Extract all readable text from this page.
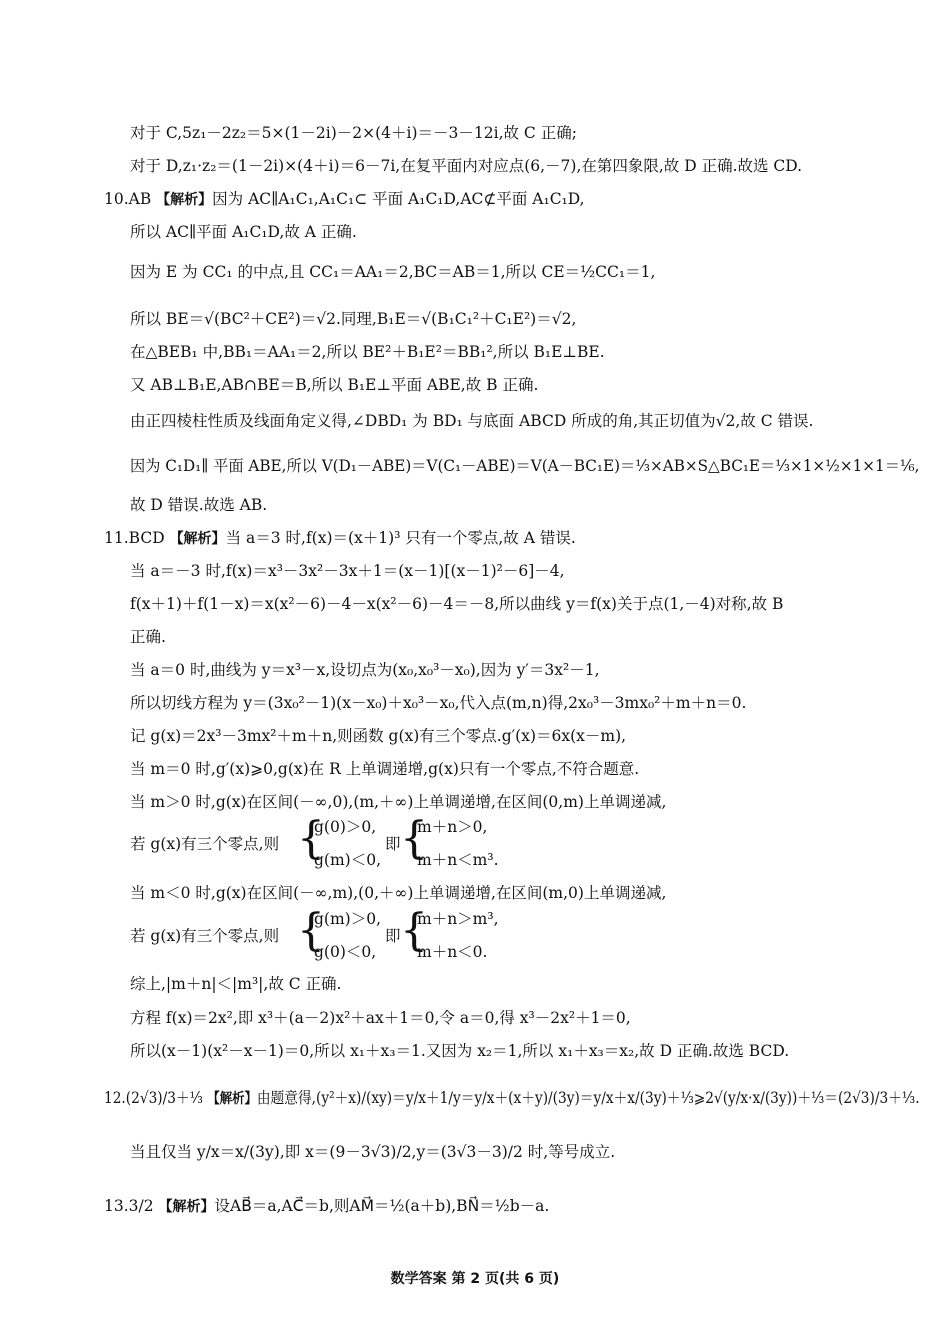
对于 C,5z₁－2z₂＝5×(1－2i)－2×(4＋i)＝－3－12i,故 C 正确;
对于 D,z₁·z₂＝(1－2i)×(4＋i)＝6－7i,在复平面内对应点(6,－7),在第四象限,故 D 正确.故选 CD.
10.AB 【解析】因为 AC∥A₁C₁,A₁C₁⊂ 平面 A₁C₁D,AC⊄平面 A₁C₁D,
所以 AC∥平面 A₁C₁D,故 A 正确.
因为 E 为 CC₁ 的中点,且 CC₁＝AA₁＝2,BC＝AB＝1,所以 CE＝½CC₁＝1,
所以 BE＝√(BC²＋CE²)＝√2.同理,B₁E＝√(B₁C₁²＋C₁E²)＝√2,
在△BEB₁ 中,BB₁＝AA₁＝2,所以 BE²＋B₁E²＝BB₁²,所以 B₁E⊥BE.
又 AB⊥B₁E,AB∩BE＝B,所以 B₁E⊥平面 ABE,故 B 正确.
由正四棱柱性质及线面角定义得,∠DBD₁ 为 BD₁ 与底面 ABCD 所成的角,其正切值为√2,故 C 错误.
因为 C₁D₁∥ 平面 ABE,所以 V(D₁－ABE)＝V(C₁－ABE)＝V(A－BC₁E)＝⅓×AB×S△BC₁E＝⅓×1×½×1×1＝⅙,
故 D 错误.故选 AB.
11.BCD 【解析】当 a＝3 时,f(x)＝(x＋1)³ 只有一个零点,故 A 错误.
当 a＝－3 时,f(x)＝x³－3x²－3x＋1＝(x－1)[(x－1)²－6]－4,
f(x＋1)＋f(1－x)＝x(x²－6)－4－x(x²－6)－4＝－8,所以曲线 y＝f(x)关于点(1,－4)对称,故 B
正确.
当 a＝0 时,曲线为 y＝x³－x,设切点为(x₀,x₀³－x₀),因为 y′＝3x²－1,
所以切线方程为 y＝(3x₀²－1)(x－x₀)＋x₀³－x₀,代入点(m,n)得,2x₀³－3mx₀²＋m＋n＝0.
记 g(x)＝2x³－3mx²＋m＋n,则函数 g(x)有三个零点.g′(x)＝6x(x－m),
当 m＝0 时,g′(x)⩾0,g(x)在 R 上单调递增,g(x)只有一个零点,不符合题意.
当 m＞0 时,g(x)在区间(－∞,0),(m,＋∞)上单调递增,在区间(0,m)上单调递减,
若 g(x)有三个零点,则 {
g(0)＞0,
g(m)＜0,
即 {
m＋n＞0,
m＋n＜m³.
当 m＜0 时,g(x)在区间(－∞,m),(0,＋∞)上单调递增,在区间(m,0)上单调递减,
若 g(x)有三个零点,则 {
g(m)＞0,
g(0)＜0,
即 {
m＋n＞m³,
m＋n＜0.
综上,|m＋n|＜|m³|,故 C 正确.
方程 f(x)＝2x²,即 x³＋(a－2)x²＋ax＋1＝0,令 a＝0,得 x³－2x²＋1＝0,
所以(x－1)(x²－x－1)＝0,所以 x₁＋x₃＝1.又因为 x₂＝1,所以 x₁＋x₃＝x₂,故 D 正确.故选 BCD.
12.(2√3)/3＋⅓ 【解析】由题意得,(y²＋x)/(xy)＝y/x＋1/y＝y/x＋(x＋y)/(3y)＝y/x＋x/(3y)＋⅓⩾2√(y/x·x/(3y))＋⅓＝(2√3)/3＋⅓.
当且仅当 y/x＝x/(3y),即 x＝(9－3√3)/2,y＝(3√3－3)/2 时,等号成立.
13.3/2 【解析】设AB⃗＝a,AC⃗＝b,则AM⃗＝½(a＋b),BN⃗＝½b－a.
数学答案 第 2 页(共 6 页)
